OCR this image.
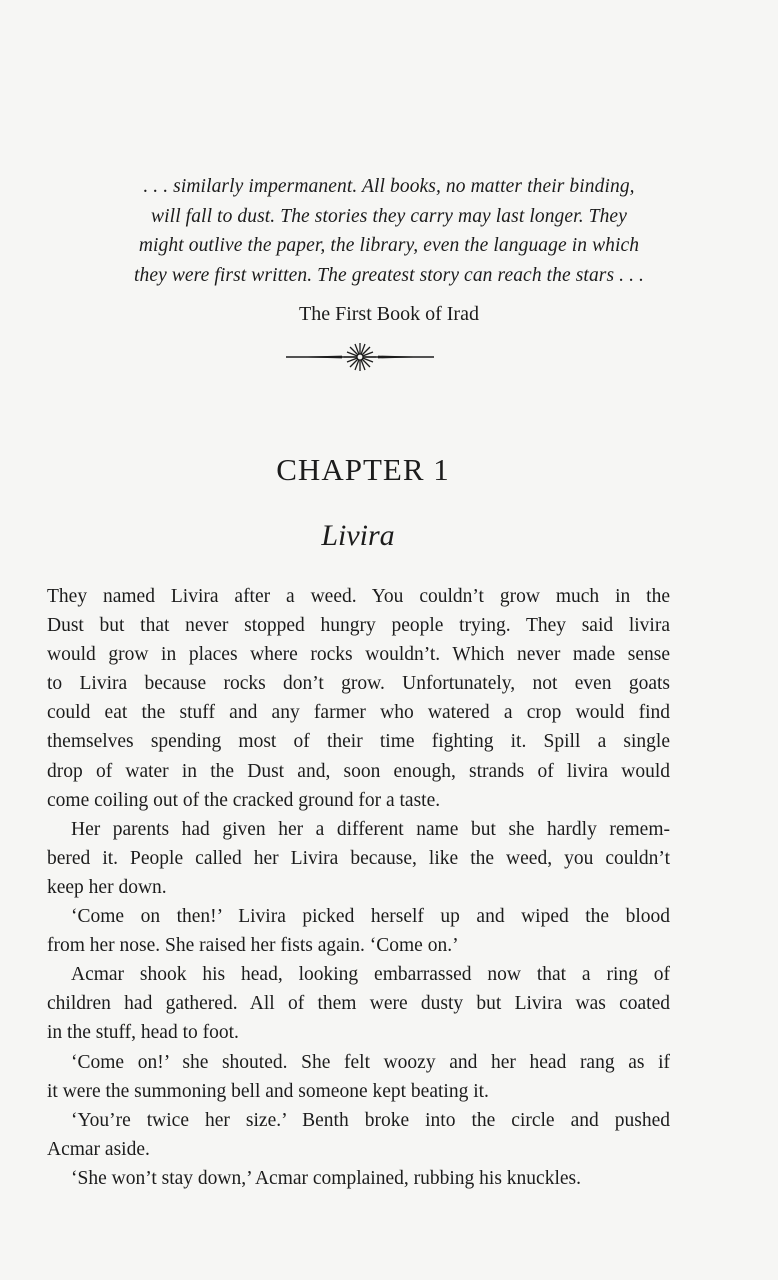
. . . similarly impermanent. All books, no matter their binding,
will fall to dust. The stories they carry may last longer. They
might outlive the paper, the library, even the language in which
they were first written. The greatest story can reach the stars . . .
The First Book of Irad
CHAPTER 1
Livira
They named Livira after a weed. You couldn’t grow much in the
Dust but that never stopped hungry people trying. They said livira
would grow in places where rocks wouldn’t. Which never made sense
to Livira because rocks don’t grow. Unfortunately, not even goats
could eat the stuff and any farmer who watered a crop would find
themselves spending most of their time fighting it. Spill a single
drop of water in the Dust and, soon enough, strands of livira would
come coiling out of the cracked ground for a taste.
Her parents had given her a different name but she hardly remem-
bered it. People called her Livira because, like the weed, you couldn’t
keep her down.
‘Come on then!’ Livira picked herself up and wiped the blood
from her nose. She raised her fists again. ‘Come on.’
Acmar shook his head, looking embarrassed now that a ring of
children had gathered. All of them were dusty but Livira was coated
in the stuff, head to foot.
‘Come on!’ she shouted. She felt woozy and her head rang as if
it were the summoning bell and someone kept beating it.
‘You’re twice her size.’ Benth broke into the circle and pushed
Acmar aside.
‘She won’t stay down,’ Acmar complained, rubbing his knuckles.
